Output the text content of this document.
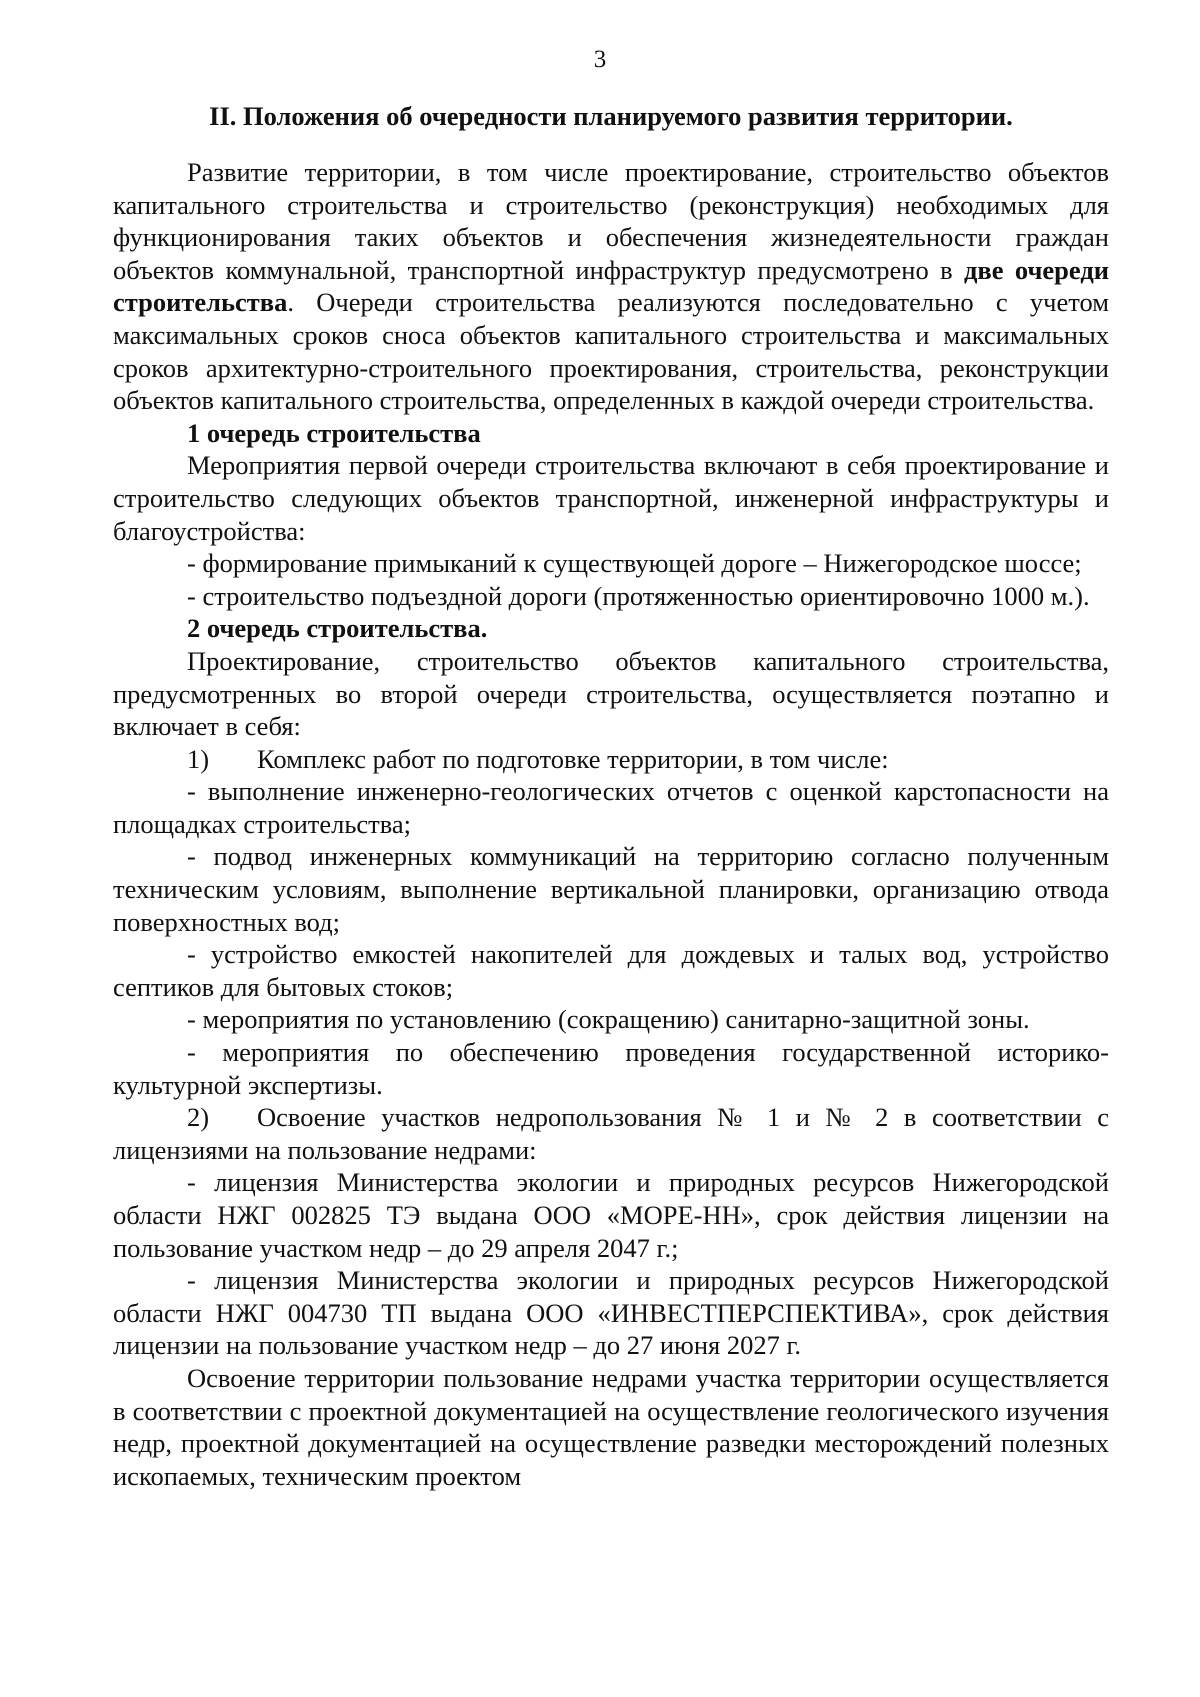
3
II. Положения об очередности планируемого развития территории.

Развитие территории, в том числе проектирование, строительство объектов капитального строительства и строительство (реконструкция) необходимых для функционирования таких объектов и обеспечения жизнедеятельности граждан объектов коммунальной, транспортной инфраструктур предусмотрено в две очереди строительства. Очереди строительства реализуются последовательно с учетом максимальных сроков сноса объектов капитального строительства и максимальных сроков архитектурно-строительного проектирования, строительства, реконструкции объектов капитального строительства, определенных в каждой очереди строительства.

1 очередь строительства

Мероприятия первой очереди строительства включают в себя проектирование и строительство следующих объектов транспортной, инженерной инфраструктуры и благоустройства:

- формирование примыканий к существующей дороге – Нижегородское шоссе;

- строительство подъездной дороги (протяженностью ориентировочно 1000 м.).

2 очередь строительства.

Проектирование, строительство объектов капитального строительства, предусмотренных во второй очереди строительства, осуществляется поэтапно и включает в себя:

1) Комплекс работ по подготовке территории, в том числе:

- выполнение инженерно-геологических отчетов с оценкой карстопасности на площадках строительства;

- подвод инженерных коммуникаций на территорию согласно полученным техническим условиям, выполнение вертикальной планировки, организацию отвода поверхностных вод;

- устройство емкостей накопителей для дождевых и талых вод, устройство септиков для бытовых стоков;

- мероприятия по установлению (сокращению) санитарно-защитной зоны.

- мероприятия по обеспечению проведения государственной историко-культурной экспертизы.

2) Освоение участков недропользования № 1 и № 2 в соответствии с лицензиями на пользование недрами:

- лицензия Министерства экологии и природных ресурсов Нижегородской области НЖГ 002825 ТЭ выдана ООО «МОРЕ-НН», срок действия лицензии на пользование участком недр – до 29 апреля 2047 г.;

- лицензия Министерства экологии и природных ресурсов Нижегородской области НЖГ 004730 ТП выдана ООО «ИНВЕСТПЕРСПЕКТИВА», срок действия лицензии на пользование участком недр – до 27 июня 2027 г.

Освоение территории пользование недрами участка территории осуществляется в соответствии с проектной документацией на осуществление геологического изучения недр, проектной документацией на осуществление разведки месторождений полезных ископаемых, техническим проектом
